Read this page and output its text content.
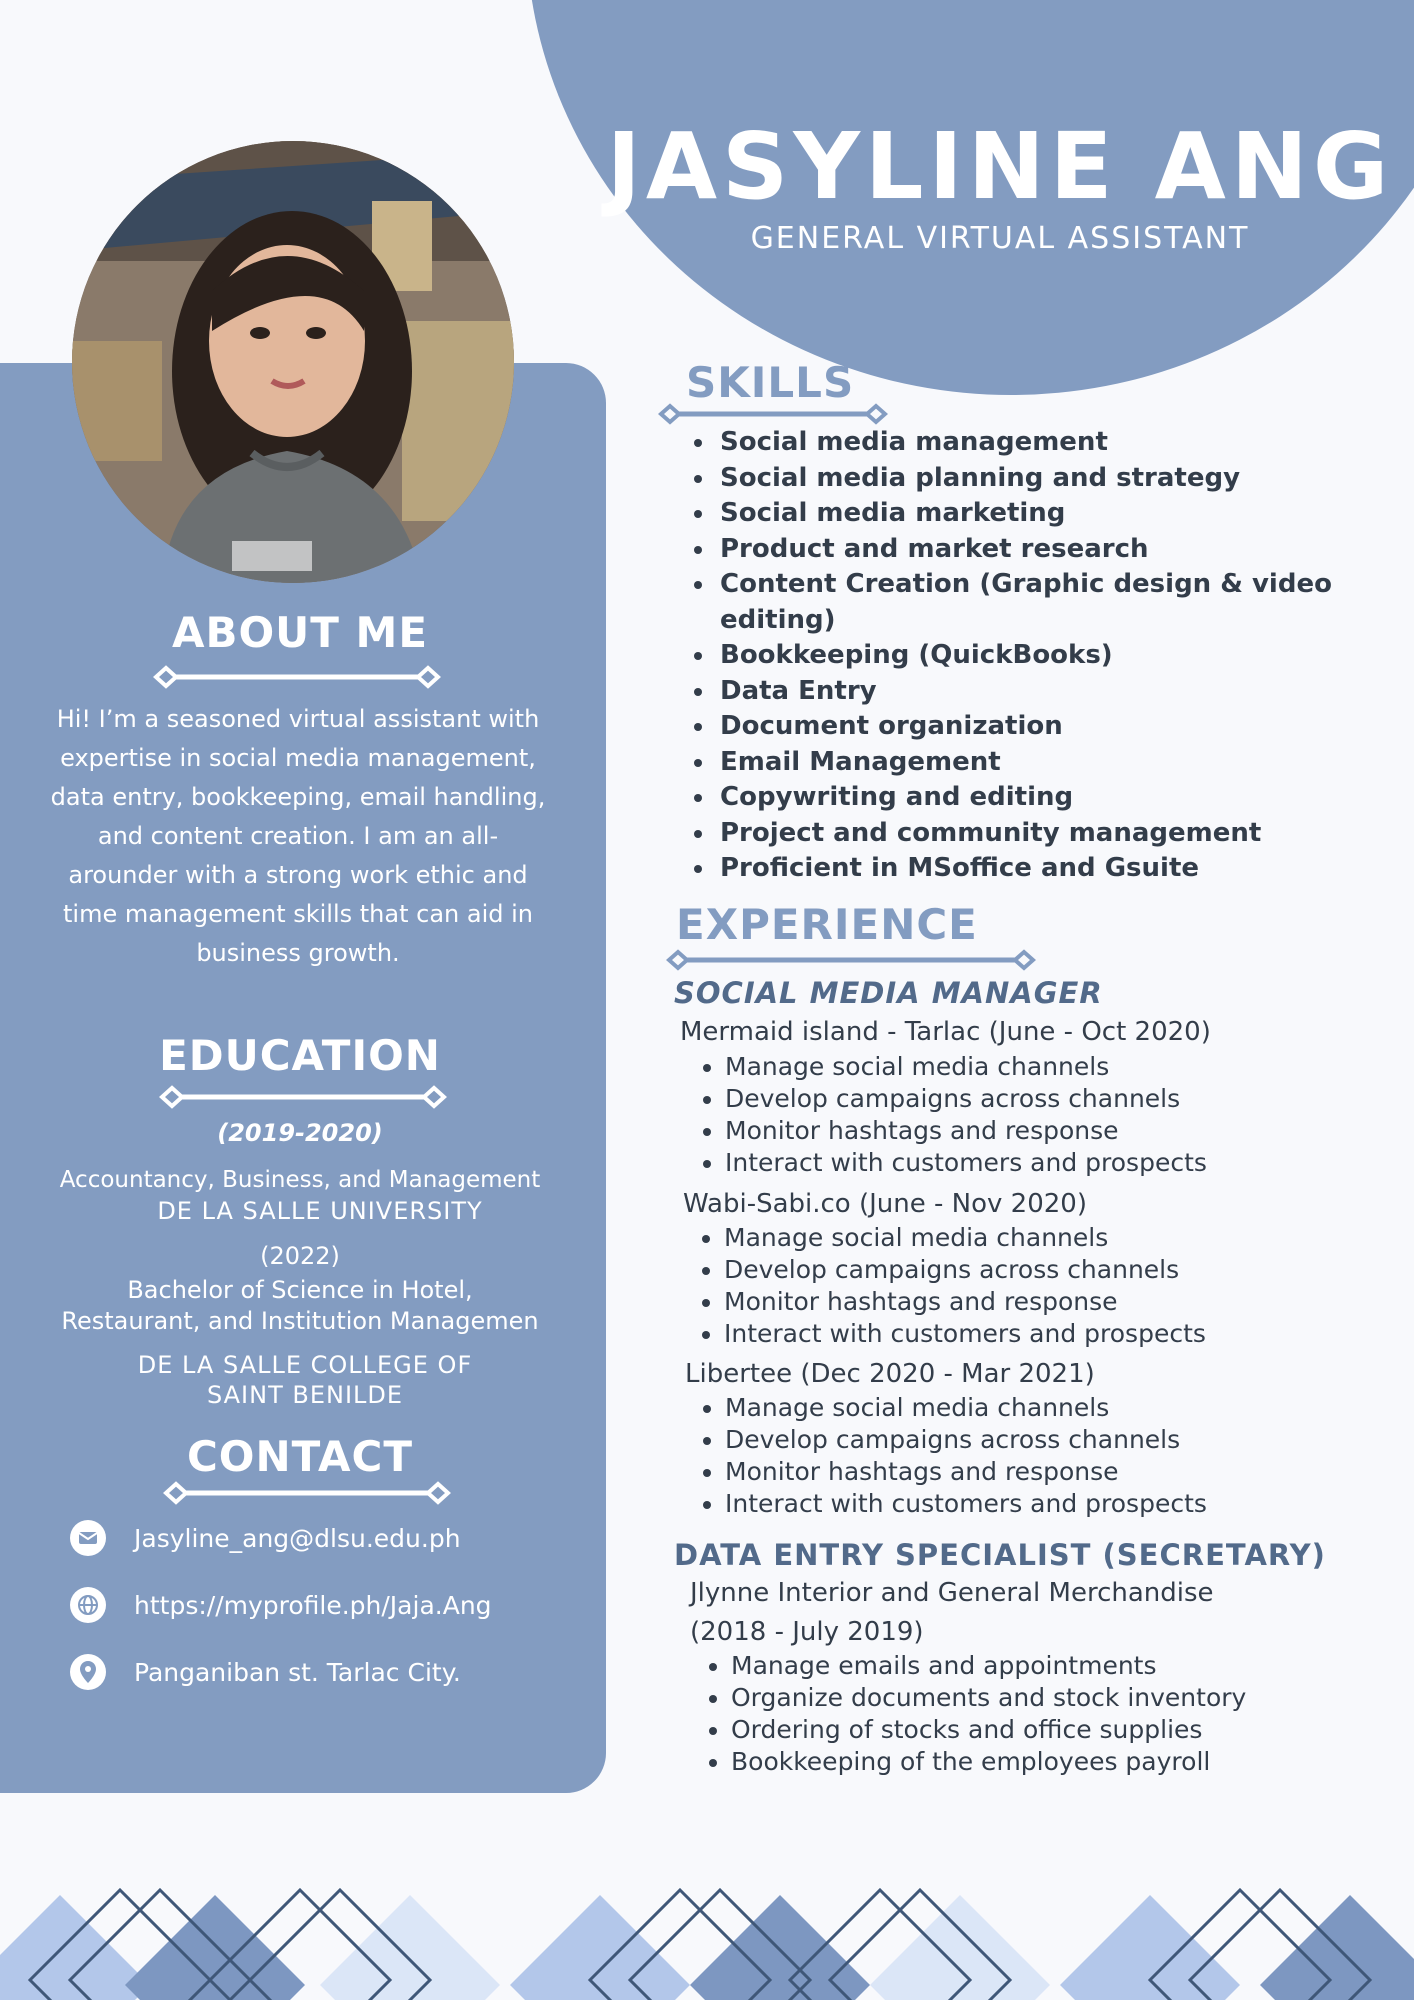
JASYLINE ANG

GENERAL VIRTUAL ASSISTANT

ABOUT ME

Hi! I’m a seasoned virtual assistant with expertise in social media management, data entry, bookkeeping, email handling, and content creation. I am an all-arounder with a strong work ethic and time management skills that can aid in business growth.

EDUCATION

(2019-2020)

Accountancy, Business, and Management

DE LA SALLE UNIVERSITY

(2022)

Bachelor of Science in Hotel, Restaurant, and Institution Managemen

DE LA SALLE COLLEGE OF SAINT BENILDE

CONTACT
Jasyline_ang@dlsu.edu.ph
https://myprofile.ph/Jaja.Ang
Panganiban st. Tarlac City.
SKILLS
• Social media management
• Social media planning and strategy
• Social media marketing
• Product and market research
• Content Creation (Graphic design & video editing)
• Bookkeeping (QuickBooks)
• Data Entry
• Document organization
• Email Management
• Copywriting and editing
• Project and community management
• Proficient in MSoffice and Gsuite
EXPERIENCE
SOCIAL MEDIA MANAGER

Mermaid island - Tarlac (June - Oct 2020)

• Manage social media channels
• Develop campaigns across channels
• Monitor hashtags and response
• Interact with customers and prospects

Wabi-Sabi.co (June - Nov 2020)

• Manage social media channels
• Develop campaigns across channels
• Monitor hashtags and response
• Interact with customers and prospects

Libertee (Dec 2020 - Mar 2021)

• Manage social media channels
• Develop campaigns across channels
• Monitor hashtags and response
• Interact with customers and prospects
DATA ENTRY SPECIALIST (SECRETARY)

Jlynne Interior and General Merchandise

(2018 - July 2019)

• Manage emails and appointments
• Organize documents and stock inventory
• Ordering of stocks and office supplies
• Bookkeeping of the employees payroll
